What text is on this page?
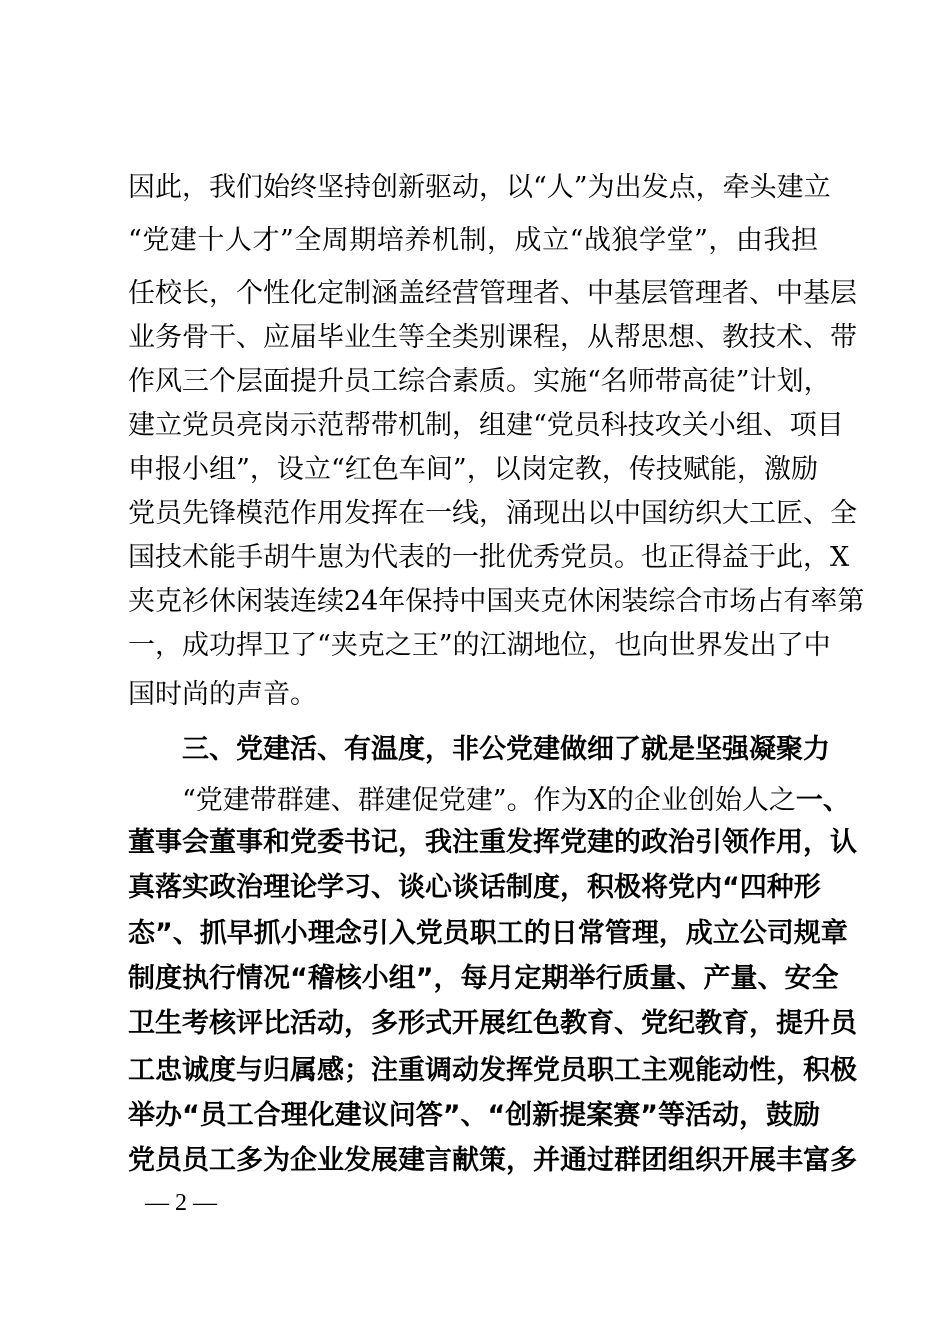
因此，我们始终坚持创新驱动，以“人”为出发点，牵头建立
“党建十人才”全周期培养机制，成立“战狼学堂”，由我担
任校长，个性化定制涵盖经营管理者、中基层管理者、中基层
业务骨干、应届毕业生等全类别课程，从帮思想、教技术、带
作风三个层面提升员工综合素质。实施“名师带高徒”计划，
建立党员亮岗示范帮带机制，组建“党员科技攻关小组、项目
申报小组”，设立“红色车间”，以岗定教，传技赋能，激励
党员先锋模范作用发挥在一线，涌现出以中国纺织大工匠、全
国技术能手胡牛崽为代表的一批优秀党员。也正得益于此，X
夹克衫休闲装连续24年保持中国夹克休闲装综合市场占有率第
一，成功捍卫了“夹克之王”的江湖地位，也向世界发出了中
国时尚的声音。
三、党建活、有温度，非公党建做细了就是坚强凝聚力
“党建带群建、群建促党建”。作为X的企业创始人之一、
董事会董事和党委书记，我注重发挥党建的政治引领作用，认
真落实政治理论学习、谈心谈话制度，积极将党内“四种形
态”、抓早抓小理念引入党员职工的日常管理，成立公司规章
制度执行情况“稽核小组”，每月定期举行质量、产量、安全
卫生考核评比活动，多形式开展红色教育、党纪教育，提升员
工忠诚度与归属感；注重调动发挥党员职工主观能动性，积极
举办“员工合理化建议问答”、“创新提案赛”等活动，鼓励
党员员工多为企业发展建言献策，并通过群团组织开展丰富多
— 2 —
